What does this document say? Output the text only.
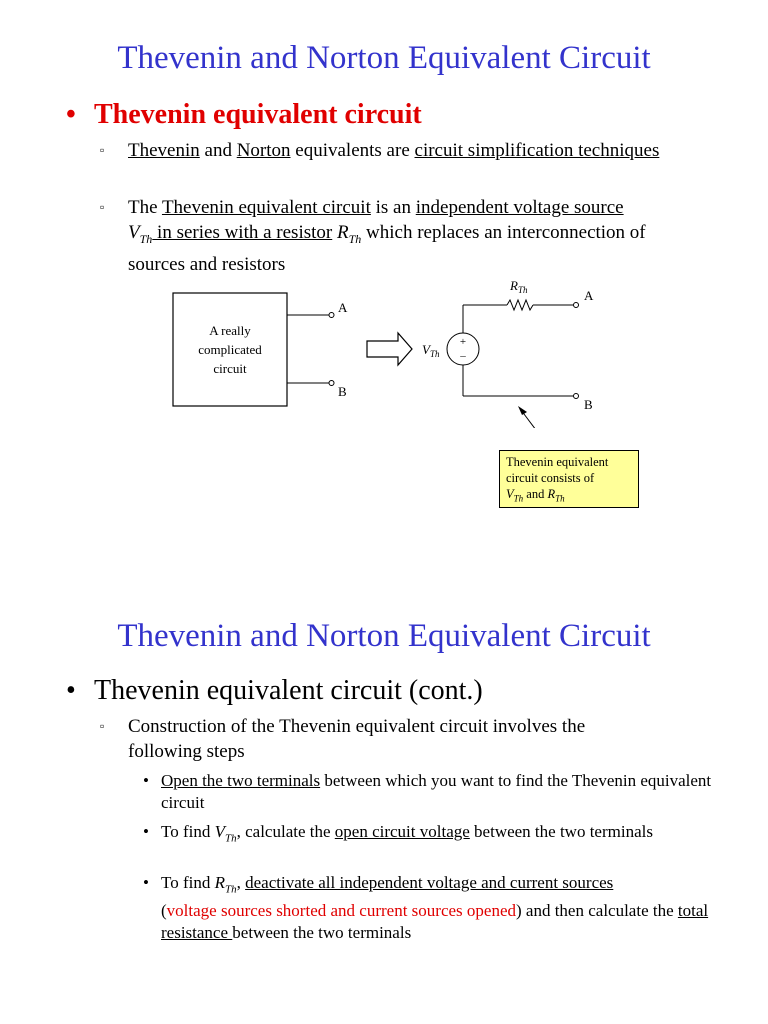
Thevenin and Norton Equivalent Circuit
• Thevenin equivalent circuit
▫ Thevenin and Norton equivalents are circuit simplification techniques
▫ The Thevenin equivalent circuit is an independent voltage source
$V_{Th}$ in series with a resistor $R_{Th}$ which replaces an interconnection of sources and resistors
A really
complicated
circuit
A
B
$V_{Th}$
+
–
$R_{Th}$	A
B
Thevenin equivalent circuit consists of
$V_{Th}$ and $R_{Th}$
Thevenin and Norton Equivalent Circuit
• Thevenin equivalent circuit (cont.)
▫ Construction of the Thevenin equivalent circuit involves the following steps
• Open the two terminals between which you want to find the Thevenin equivalent circuit
• To find $V_{Th}$, calculate the open circuit voltage between the two terminals
• To find $R_{Th}$, deactivate all independent voltage and current sources
(voltage sources shorted and current sources opened) and then calculate the total resistance between the two terminals
